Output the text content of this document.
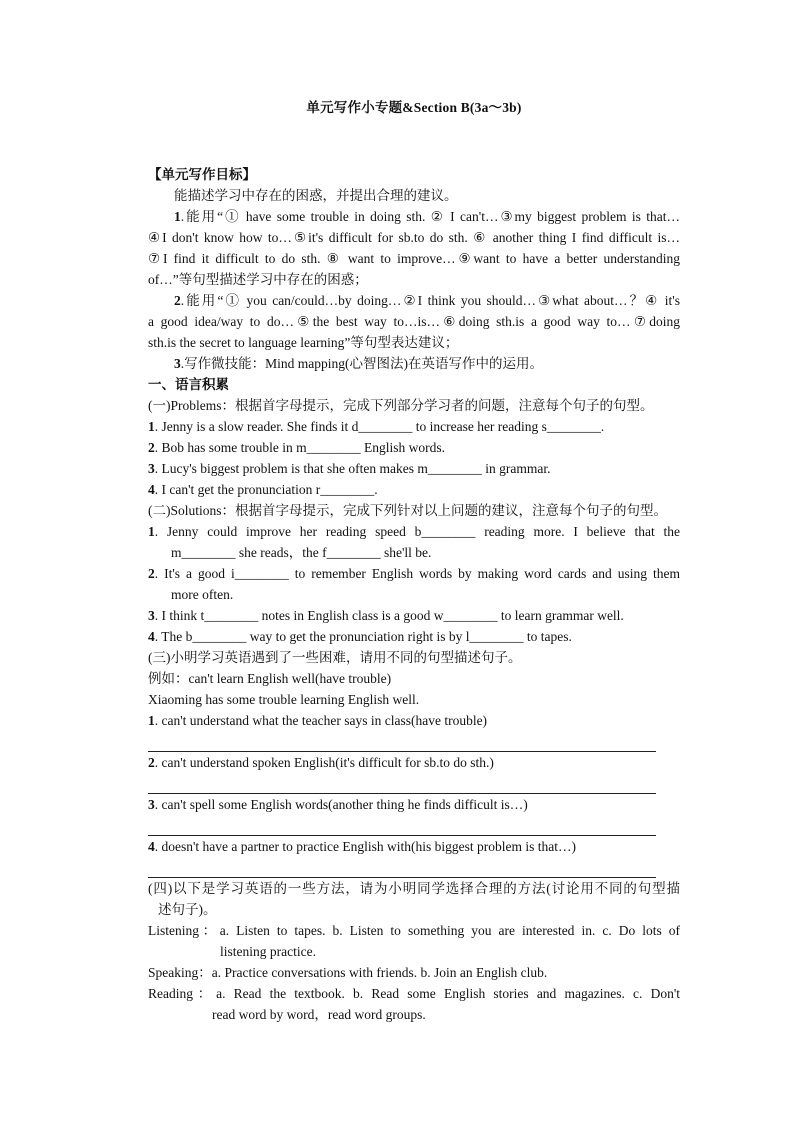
单元写作小专题&Section B(3a～3b)

【单元写作目标】

能描述学习中存在的困惑，并提出合理的建议。

1.能用“① have some trouble in doing sth. ② I can't…③my biggest problem is that…

④I don't know how to…⑤it's difficult for sb.to do sth. ⑥ another thing I find difficult is…

⑦I find it difficult to do sth. ⑧ want to improve…⑨want to have a better understanding

of…”等句型描述学习中存在的困惑；

2.能用“① you can/could…by doing…②I think you should…③what about…？④ it's

a good idea/way to do…⑤the best way to…is…⑥doing sth.is a good way to…⑦doing

sth.is the secret to language learning”等句型表达建议；

3.写作微技能：Mind mapping(心智图法)在英语写作中的运用。

一、语言积累

(一)Problems：根据首字母提示，完成下列部分学习者的问题，注意每个句子的句型。

1. Jenny is a slow reader. She finds it d________ to increase her reading s________.

2. Bob has some trouble in m________ English words.

3. Lucy's biggest problem is that she often makes m________ in grammar.

4. I can't get the pronunciation r________.

(二)Solutions：根据首字母提示，完成下列针对以上问题的建议，注意每个句子的句型。

1. Jenny could improve her reading speed b________ reading more. I believe that the

m________ she reads，the f________ she'll be.

2. It's a good i________ to remember English words by making word cards and using them

more often.

3. I think t________ notes in English class is a good w________ to learn grammar well.

4. The b________ way to get the pronunciation right is by l________ to tapes.

(三)小明学习英语遇到了一些困难，请用不同的句型描述句子。

例如：can't learn English well(have trouble)

Xiaoming has some trouble learning English well.

1. can't understand what the teacher says in class(have trouble)

2. can't understand spoken English(it's difficult for sb.to do sth.)

3. can't spell some English words(another thing he finds difficult is…)

4. doesn't have a partner to practice English with(his biggest problem is that…)

(四)以下是学习英语的一些方法，请为小明同学选择合理的方法(讨论用不同的句型描

述句子)。

Listening：a. Listen to tapes. b. Listen to something you are interested in. c. Do lots of

listening practice.

Speaking：a. Practice conversations with friends. b. Join an English club.

Reading：a. Read the textbook. b. Read some English stories and magazines. c. Don't

read word by word，read word groups.
